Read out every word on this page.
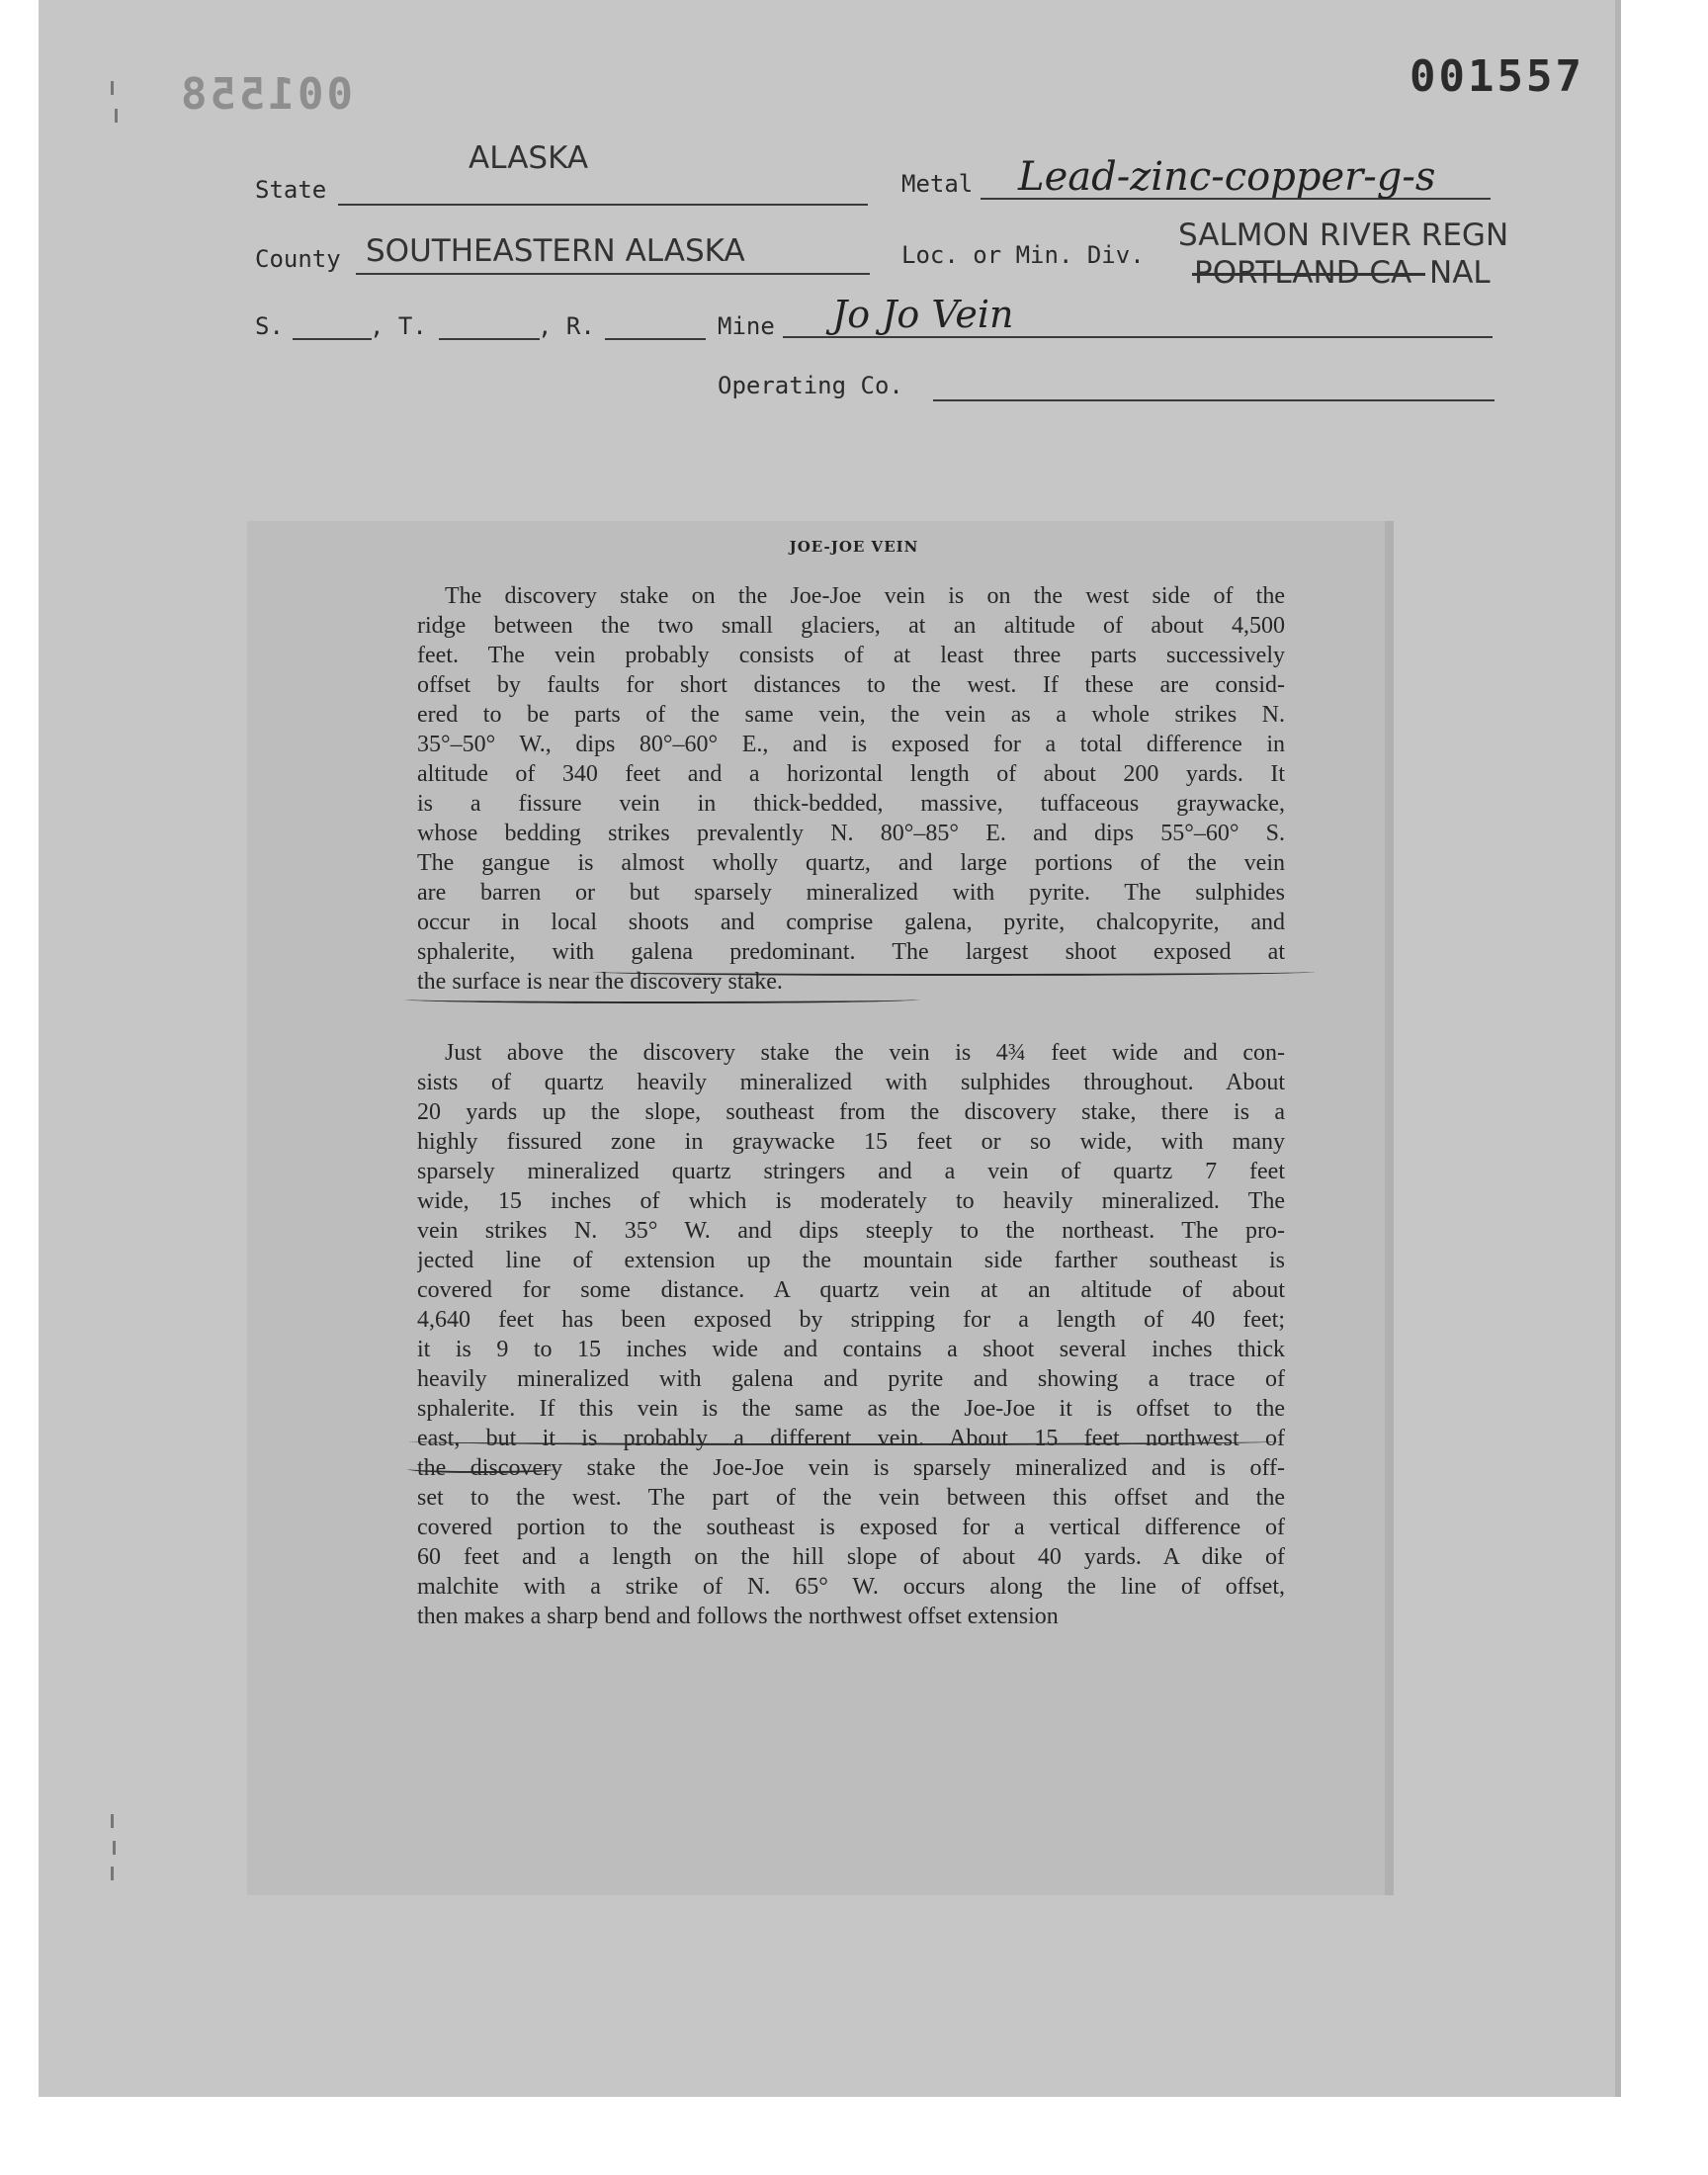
001557
001558
State
ALASKA
Metal Lead-zinc-copper-g-s
County SOUTHEASTERN ALASKA	Loc. or Min. Div.
SALMON RIVER REGN
PORTLAND CA NAL
S.	, T.	, R.	Mine Jo Jo Vein
Operating Co.
JOE-JOE VEIN
The discovery stake on the Joe-Joe vein is on the west side of the
ridge between the two small glaciers, at an altitude of about 4,500
feet. The vein probably consists of at least three parts successively
offset by faults for short distances to the west. If these are consid-
ered to be parts of the same vein, the vein as a whole strikes N.
35°–50° W., dips 80°–60° E., and is exposed for a total difference in
altitude of 340 feet and a horizontal length of about 200 yards. It
is a fissure vein in thick-bedded, massive, tuffaceous graywacke,
whose bedding strikes prevalently N. 80°–85° E. and dips 55°–60° S.
The gangue is almost wholly quartz, and large portions of the vein
are barren or but sparsely mineralized with pyrite. The sulphides
occur in local shoots and comprise galena, pyrite, chalcopyrite, and
sphalerite, with galena predominant. The largest shoot exposed at
the surface is near the discovery stake.
Just above the discovery stake the vein is 4¾ feet wide and con-
sists of quartz heavily mineralized with sulphides throughout. About
20 yards up the slope, southeast from the discovery stake, there is a
highly fissured zone in graywacke 15 feet or so wide, with many
sparsely mineralized quartz stringers and a vein of quartz 7 feet
wide, 15 inches of which is moderately to heavily mineralized. The
vein strikes N. 35° W. and dips steeply to the northeast. The pro-
jected line of extension up the mountain side farther southeast is
covered for some distance. A quartz vein at an altitude of about
4,640 feet has been exposed by stripping for a length of 40 feet;
it is 9 to 15 inches wide and contains a shoot several inches thick
heavily mineralized with galena and pyrite and showing a trace of
sphalerite. If this vein is the same as the Joe-Joe it is offset to the
east, but it is probably a different vein. About 15 feet northwest of
the discovery stake the Joe-Joe vein is sparsely mineralized and is off-
set to the west. The part of the vein between this offset and the
covered portion to the southeast is exposed for a vertical difference of
60 feet and a length on the hill slope of about 40 yards. A dike of
malchite with a strike of N. 65° W. occurs along the line of offset,
then makes a sharp bend and follows the northwest offset extension
